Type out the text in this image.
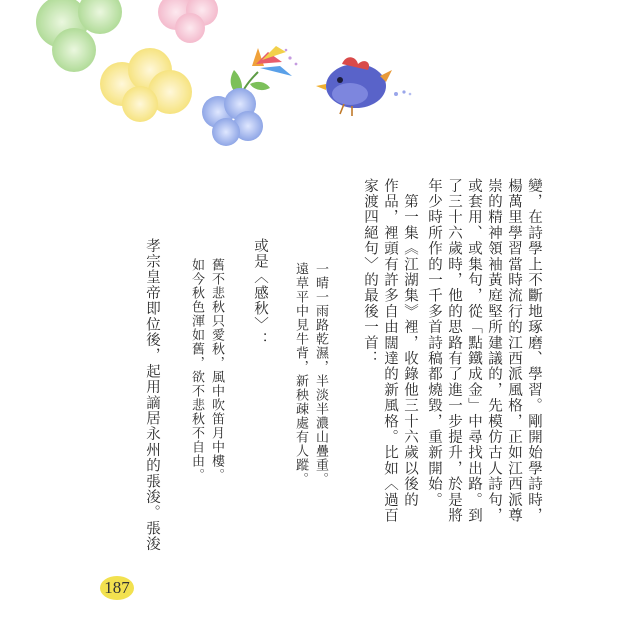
變，在詩學上不斷地琢磨、學習。剛開始學詩時，
楊萬里學習當時流行的江西派風格，正如江西派尊
崇的精神領袖黃庭堅所建議的，先模仿古人詩句，
或套用、或集句，從「點鐵成金」中尋找出路。到
了三十六歲時，他的思路有了進一步提升，於是將
年少時所作的一千多首詩稿都燒毀，重新開始。
　第一集《江湖集》裡，收錄他三十六歲以後的
作品，裡頭有許多自由闊達的新風格。比如〈過百
家渡四絕句〉的最後一首：
一晴一雨路乾濕，半淡半濃山疊重。
遠草平中見牛背，新秧疎處有人蹤。
或是〈感秋〉：
舊不悲秋只愛秋，風中吹笛月中樓。
如今秋色渾如舊，欲不悲秋不自由。
孝宗皇帝即位後，起用謫居永州的張浚。張浚
187
